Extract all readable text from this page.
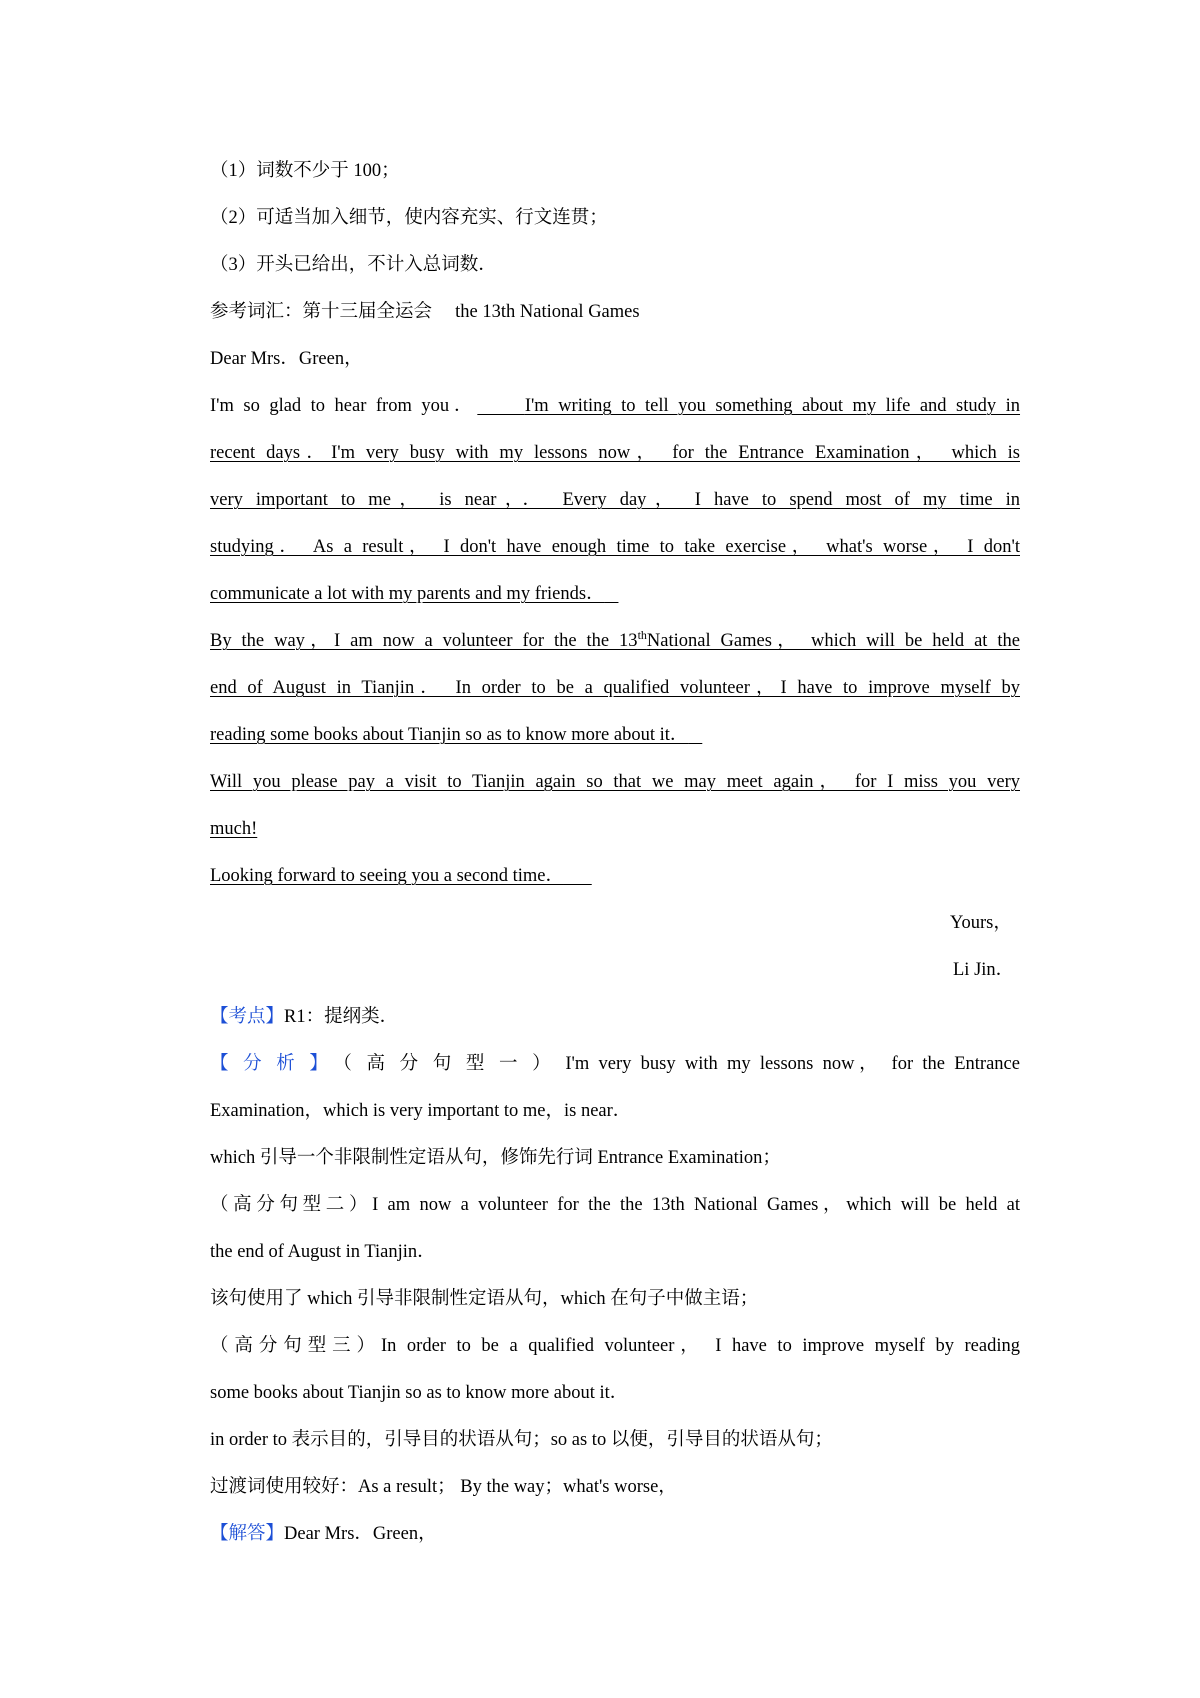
（1）词数不少于 100；
（2）可适当加入细节，使内容充实、行文连贯；
（3）开头已给出，不计入总词数．
参考词汇：第十三届全运会　 the 13th National Games
Dear Mrs．Green，
I'm so glad to hear from you．	I'm writing to tell you something about my life and study in
recent days．I'm very busy with my lessons now， for the Entrance Examination， which is
very important to me， is near，． Every day， I have to spend most of my time in
studying． As a result， I don't have enough time to take exercise， what's worse， I don't
communicate a lot with my parents and my friends．
By the way，I am now a volunteer for the the 13thNational Games， which will be held at the
end of August in Tianjin． In order to be a qualified volunteer，I have to improve myself by
reading some books about Tianjin so as to know more about it．
Will you please pay a visit to Tianjin again so that we may meet again， for I miss you very
much!
Looking forward to seeing you a second time．
Yours，
Li Jin．
【考点】R1：提纲类．
【分析】（高分句型一）I'm very busy with my lessons now， for the Entrance
Examination，which is very important to me，is near．
which 引导一个非限制性定语从句，修饰先行词 Entrance Examination；
（高分句型二）I am now a volunteer for the the 13th National Games，which will be held at
the end of August in Tianjin．
该句使用了 which 引导非限制性定语从句，which 在句子中做主语；
（高分句型三）In order to be a qualified volunteer， I have to improve myself by reading
some books about Tianjin so as to know more about it．
in order to 表示目的，引导目的状语从句；so as to 以便，引导目的状语从句；
过渡词使用较好：As a result； By the way；what's worse，
【解答】Dear Mrs．Green，
